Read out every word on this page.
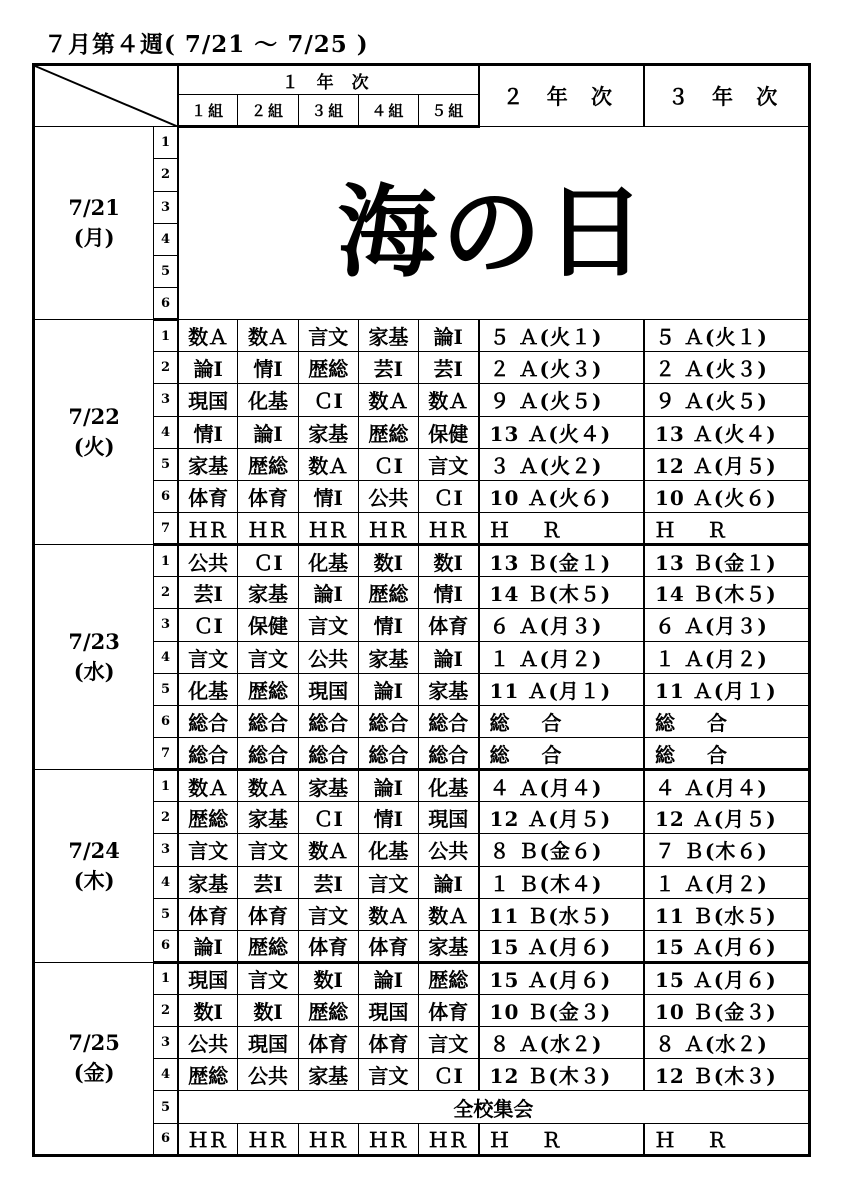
７月第４週( 7/21 ～ 7/25 )
	１ 年 次					２ 年 次	３ 年 次
		１組	２組	３組	４組	５組		

7/21
(月)	1	海の日						
	2							
	3							
	4							
	5							
	6							

7/22
(火)	1	数Ａ	数Ａ	言文	家基	論Ⅰ	５ Ａ(火１)	５ Ａ(火１)
	2	論Ⅰ	情Ⅰ	歴総	芸Ⅰ	芸Ⅰ	２ Ａ(火３)	２ Ａ(火３)
	3	現国	化基	ＣⅠ	数Ａ	数Ａ	９ Ａ(火５)	９ Ａ(火５)
	4	情Ⅰ	論Ⅰ	家基	歴総	保健	13 Ａ(火４)	13 Ａ(火４)
	5	家基	歴総	数Ａ	ＣⅠ	言文	３ Ａ(火２)	12 Ａ(月５)
	6	体育	体育	情Ⅰ	公共	ＣⅠ	10 Ａ(火６)	10 Ａ(火６)
	7	ＨＲ	ＨＲ	ＨＲ	ＨＲ	ＨＲ	Ｈ　Ｒ	Ｈ　Ｒ

7/23
(水)	1	公共	ＣⅠ	化基	数Ⅰ	数Ⅰ	13 Ｂ(金１)	13 Ｂ(金１)
	2	芸Ⅰ	家基	論Ⅰ	歴総	情Ⅰ	14 Ｂ(木５)	14 Ｂ(木５)
	3	ＣⅠ	保健	言文	情Ⅰ	体育	６ Ａ(月３)	６ Ａ(月３)
	4	言文	言文	公共	家基	論Ⅰ	１ Ａ(月２)	１ Ａ(月２)
	5	化基	歴総	現国	論Ⅰ	家基	11 Ａ(月１)	11 Ａ(月１)
	6	総合	総合	総合	総合	総合	総　合	総　合
	7	総合	総合	総合	総合	総合	総　合	総　合

7/24
(木)	1	数Ａ	数Ａ	家基	論Ⅰ	化基	４ Ａ(月４)	４ Ａ(月４)
	2	歴総	家基	ＣⅠ	情Ⅰ	現国	12 Ａ(月５)	12 Ａ(月５)
	3	言文	言文	数Ａ	化基	公共	８ Ｂ(金６)	７ Ｂ(木６)
	4	家基	芸Ⅰ	芸Ⅰ	言文	論Ⅰ	１ Ｂ(木４)	１ Ａ(月２)
	5	体育	体育	言文	数Ａ	数Ａ	11 Ｂ(水５)	11 Ｂ(水５)
	6	論Ⅰ	歴総	体育	体育	家基	15 Ａ(月６)	15 Ａ(月６)

7/25
(金)	1	現国	言文	数Ⅰ	論Ⅰ	歴総	15 Ａ(月６)	15 Ａ(月６)
	2	数Ⅰ	数Ⅰ	歴総	現国	体育	10 Ｂ(金３)	10 Ｂ(金３)
	3	公共	現国	体育	体育	言文	８ Ａ(水２)	８ Ａ(水２)
	4	歴総	公共	家基	言文	ＣⅠ	12 Ｂ(木３)	12 Ｂ(木３)
	5	全校集会						
	6	ＨＲ	ＨＲ	ＨＲ	ＨＲ	ＨＲ	Ｈ　Ｒ	Ｈ　Ｒ
